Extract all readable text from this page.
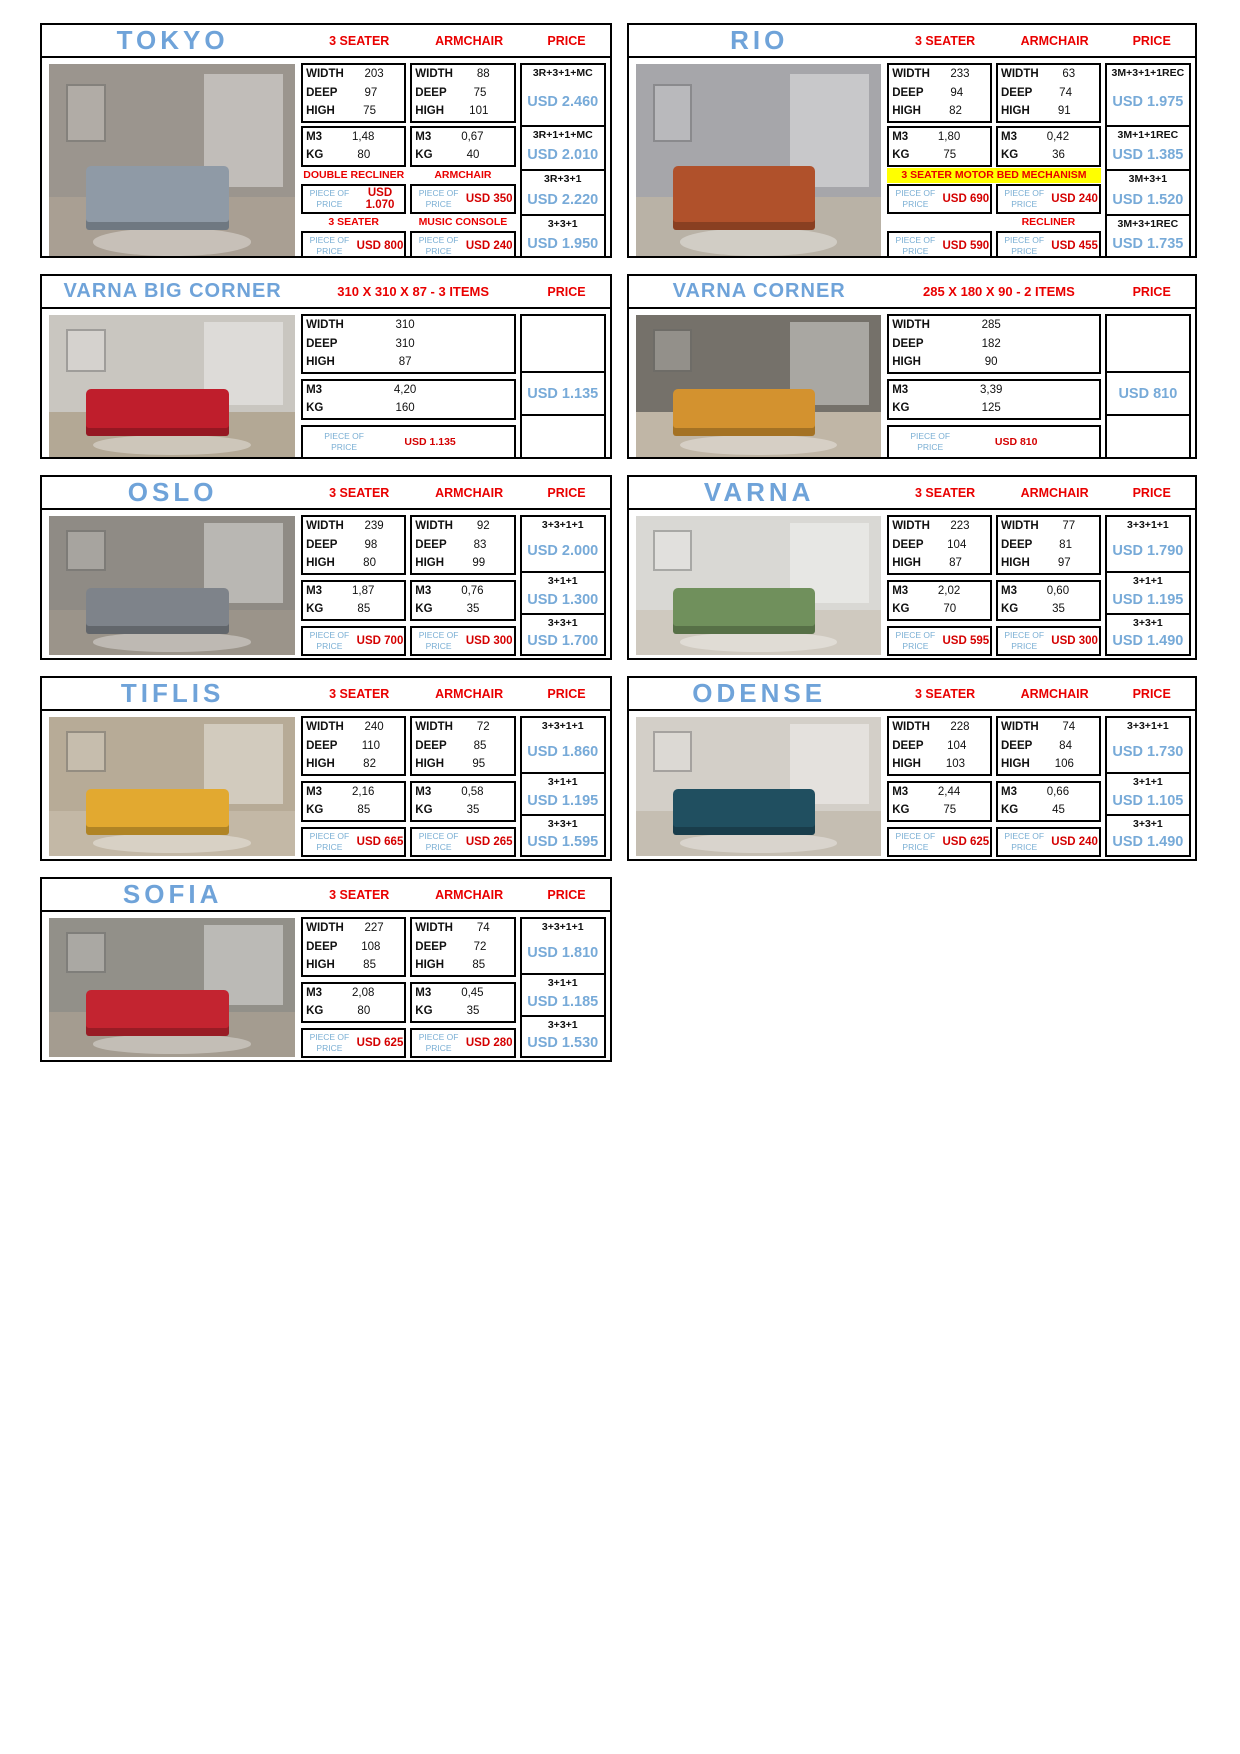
TOKYO	3 SEATER	ARMCHAIR	PRICE
WIDTH	203
DEEP	97
HIGH	75
WIDTH	88
DEEP	75
HIGH	101
M3	1,48
KG	80
M3	0,67
KG	40
DOUBLE RECLINER	ARMCHAIR
PIECE OF
PRICE
USD 1.070
PIECE OF
PRICE	USD 350
3 SEATER	MUSIC CONSOLE
PIECE OF
PRICE	USD 800	PIECE OF
PRICE	USD 240
3R+3+1+MC
USD 2.460
3R+1+1+MC
USD 2.010
3R+3+1
USD 2.220
3+3+1
USD 1.950
RIO	3 SEATER	ARMCHAIR	PRICE
WIDTH	233
DEEP	94
HIGH	82
WIDTH	63
DEEP	74
HIGH	91
M3	1,80
KG	75
M3	0,42
KG	36
3 SEATER MOTOR BED MECHANISM
PIECE OF
PRICE	USD 690	PIECE OF
PRICE	USD 240
RECLINER
PIECE OF
PRICE	USD 590	PIECE OF
PRICE	USD 455
3M+3+1+1REC
USD 1.975
3M+1+1REC
USD 1.385
3M+3+1
USD 1.520
3M+3+1REC
USD 1.735
VARNA BIG CORNER	310 X 310 X 87 - 3 ITEMS	PRICE
WIDTH	310
DEEP	310
HIGH	87
M3	4,20
KG	160
PIECE OF
PRICE	USD 1.135
USD 1.135
VARNA CORNER	285 X 180 X 90 - 2 ITEMS	PRICE
WIDTH	285
DEEP	182
HIGH	90
M3	3,39
KG	125
PIECE OF
PRICE	USD 810
USD 810
OSLO	3 SEATER	ARMCHAIR	PRICE
WIDTH	239
DEEP	98
HIGH	80
WIDTH	92
DEEP	83
HIGH	99
M3	1,87
KG	85
M3	0,76
KG	35
PIECE OF
PRICE	USD 700	PIECE OF
PRICE	USD 300
3+3+1+1
USD 2.000
3+1+1
USD 1.300
3+3+1
USD 1.700
VARNA	3 SEATER	ARMCHAIR	PRICE
WIDTH	223
DEEP	104
HIGH	87
WIDTH	77
DEEP	81
HIGH	97
M3	2,02
KG	70
M3	0,60
KG	35
PIECE OF
PRICE	USD 595	PIECE OF
PRICE	USD 300
3+3+1+1
USD 1.790
3+1+1
USD 1.195
3+3+1
USD 1.490
TIFLIS	3 SEATER	ARMCHAIR	PRICE
WIDTH	240
DEEP	110
HIGH	82
WIDTH	72
DEEP	85
HIGH	95
M3	2,16
KG	85
M3	0,58
KG	35
PIECE OF
PRICE	USD 665	PIECE OF
PRICE	USD 265
3+3+1+1
USD 1.860
3+1+1
USD 1.195
3+3+1
USD 1.595
ODENSE	3 SEATER	ARMCHAIR	PRICE
WIDTH	228
DEEP	104
HIGH	103
WIDTH	74
DEEP	84
HIGH	106
M3	2,44
KG	75
M3	0,66
KG	45
PIECE OF
PRICE	USD 625	PIECE OF
PRICE	USD 240
3+3+1+1
USD 1.730
3+1+1
USD 1.105
3+3+1
USD 1.490
SOFIA	3 SEATER	ARMCHAIR	PRICE
WIDTH	227
DEEP	108
HIGH	85
WIDTH	74
DEEP	72
HIGH	85
M3	2,08
KG	80
M3	0,45
KG	35
PIECE OF
PRICE	USD 625	PIECE OF
PRICE	USD 280
3+3+1+1
USD 1.810
3+1+1
USD 1.185
3+3+1
USD 1.530
